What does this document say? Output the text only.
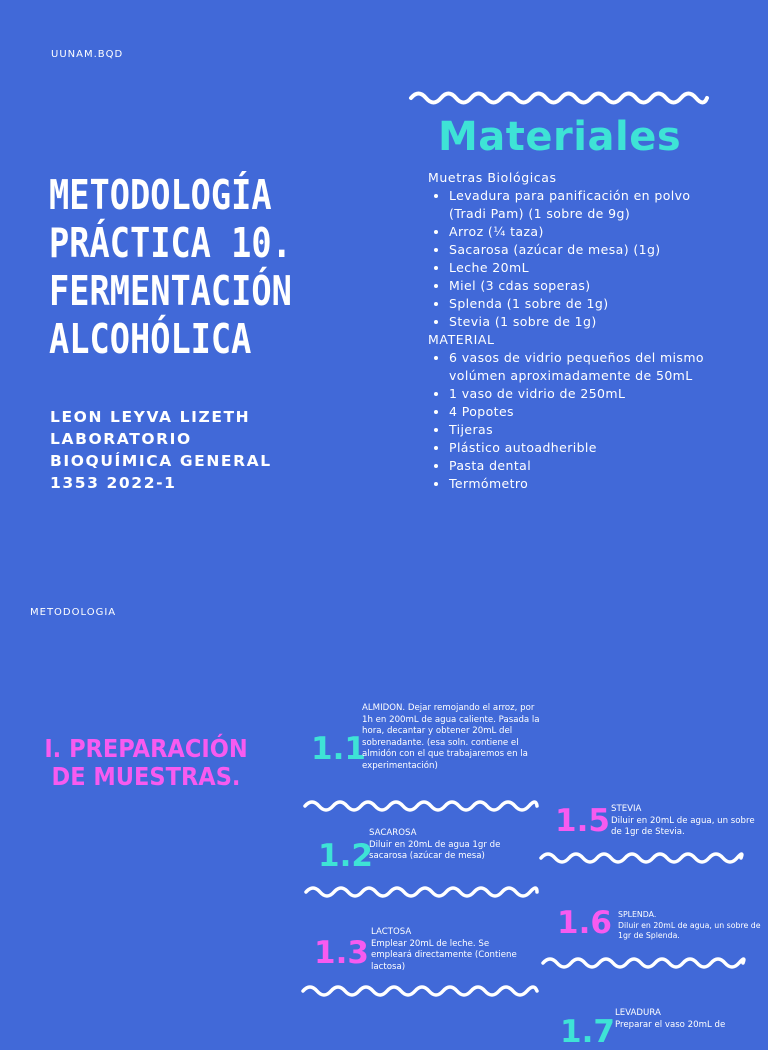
UUNAM.BQD
Materiales
METODOLOGÍA
PRÁCTICA 10.
FERMENTACIÓN
ALCOHÓLICA
LEON LEYVA LIZETH
LABORATORIO
BIOQUÍMICA GENERAL
1353 2022-1
Muetras Biológicas
• Levadura para panificación en polvo (Tradi Pam) (1 sobre de 9g)
• Arroz (¼ taza)
• Sacarosa (azúcar de mesa) (1g)
• Leche 20mL
• Miel (3 cdas soperas)
• Splenda (1 sobre de 1g)
• Stevia (1 sobre de 1g)
MATERIAL
• 6 vasos de vidrio pequeños del mismo volúmen aproximadamente de 50mL
• 1 vaso de vidrio de 250mL
• 4 Popotes
• Tijeras
• Plástico autoadherible
• Pasta dental
• Termómetro
METODOLOGIA
I. PREPARACIÓN
DE MUESTRAS.
1.1
ALMIDON. Dejar remojando el arroz, por 1h en 200mL de agua caliente. Pasada la hora, decantar y obtener 20mL del sobrenadante. (esa soln. contiene el almidón con el que trabajaremos en la experimentación)
1.2
SACAROSA
Diluir en 20mL de agua 1gr de sacarosa (azúcar de mesa)
1.3
LACTOSA
Emplear 20mL de leche. Se empleará directamente (Contiene lactosa)
1.5 STEVIA
Diluir en 20mL de agua, un sobre de 1gr de Stevia.
1.6 SPLENDA.
Diluir en 20mL de agua, un sobre de 1gr de Splenda.
1.7
LEVADURA
Preparar el vaso 20mL de
